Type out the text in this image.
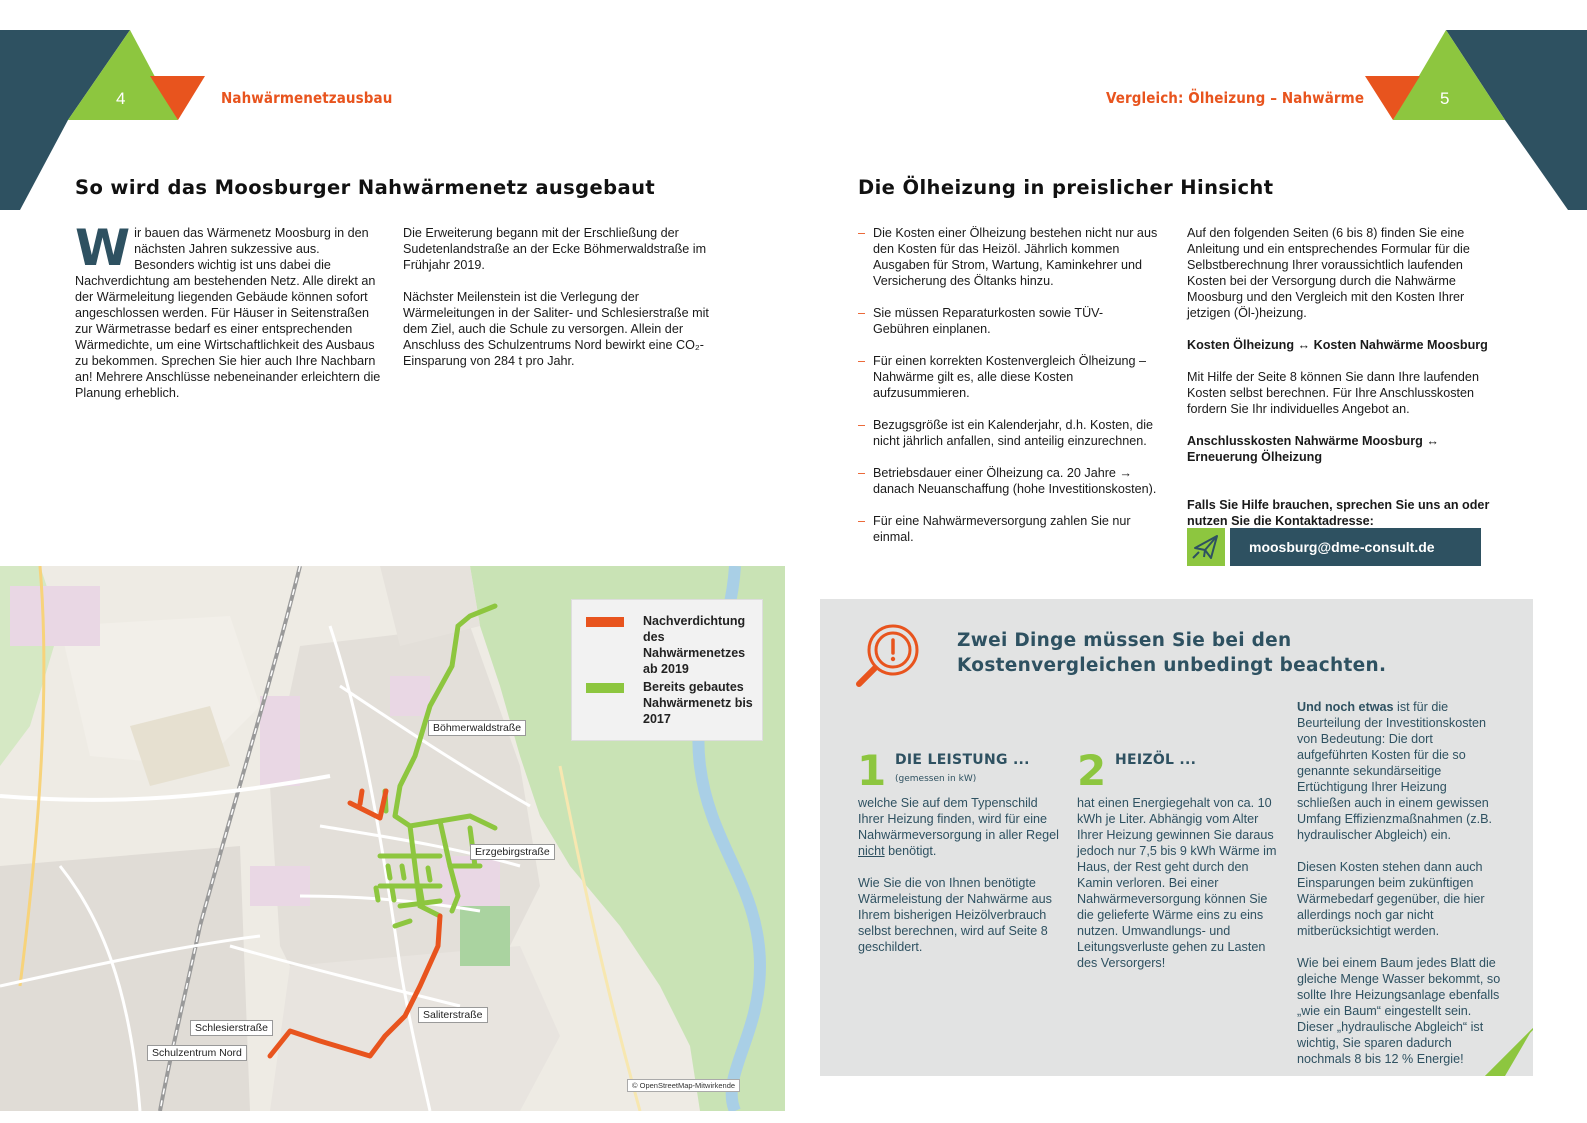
4	Nahwärmenetzausbau	5
Vergleich: Ölheizung – Nahwärme
So wird das Moosburger Nahwärmenetz ausgebaut
Wir bauen das Wärmenetz Moosburg in den nächsten Jahren sukzessive aus. Besonders wichtig ist uns dabei die Nachverdichtung am bestehenden Netz. Alle direkt an der Wärmeleitung liegenden Gebäude können sofort angeschlossen werden. Für Häuser in Seitenstraßen zur Wärmetrasse bedarf es einer entsprechenden Wärmedichte, um eine Wirtschaftlichkeit des Ausbaus zu bekommen. Sprechen Sie hier auch Ihre Nachbarn an! Mehrere Anschlüsse nebeneinander erleichtern die Planung erheblich.

Die Erweiterung begann mit der Erschließung der Sudetenlandstraße an der Ecke Böhmerwaldstraße im Frühjahr 2019.

Nächster Meilenstein ist die Verlegung der Wärmeleitungen in der Saliter- und Schlesierstraße mit dem Ziel, auch die Schule zu versorgen. Allein der Anschluss des Schulzentrums Nord bewirkt eine CO₂-Einsparung von 284 t pro Jahr.

Nachverdichtung des Nahwärmenetzes ab 2019
Bereits gebautes Nahwärmenetz bis 2017
Böhmerwaldstraße
Erzgebirgstraße
Saliterstraße
Schlesierstraße
Schulzentrum Nord
© OpenStreetMap-Mitwirkende
Die Ölheizung in preislicher Hinsicht
– Die Kosten einer Ölheizung bestehen nicht nur aus den Kosten für das Heizöl. Jährlich kommen Ausgaben für Strom, Wartung, Kaminkehrer und Versicherung des Öltanks hinzu.
– Sie müssen Reparaturkosten sowie TÜV-Gebühren einplanen.
– Für einen korrekten Kostenvergleich Ölheizung – Nahwärme gilt es, alle diese Kosten aufzusummieren.
– Bezugsgröße ist ein Kalenderjahr, d.h. Kosten, die nicht jährlich anfallen, sind anteilig einzurechnen.
– Betriebsdauer einer Ölheizung ca. 20 Jahre → danach Neuanschaffung (hohe Investitionskosten).
– Für eine Nahwärmeversorgung zahlen Sie nur einmal.

Auf den folgenden Seiten (6 bis 8) finden Sie eine Anleitung und ein entsprechendes Formular für die Selbstberechnung Ihrer voraussichtlich laufenden Kosten bei der Versorgung durch die Nahwärme Moosburg und den Vergleich mit den Kosten Ihrer jetzigen (Öl-)heizung.

Kosten Ölheizung ↔ Kosten Nahwärme Moosburg

Mit Hilfe der Seite 8 können Sie dann Ihre laufenden Kosten selbst berechnen. Für Ihre Anschlusskosten fordern Sie Ihr individuelles Angebot an.

Anschlusskosten Nahwärme Moosburg ↔ Erneuerung Ölheizung

Falls Sie Hilfe brauchen, sprechen Sie uns an oder nutzen Sie die Kontaktadresse:

moosburg@dme-consult.de
Zwei Dinge müssen Sie bei den Kostenvergleichen unbedingt beachten.
1 DIE LEISTUNG ...
(gemessen in kW)

welche Sie auf dem Typenschild Ihrer Heizung finden, wird für eine Nahwärmeversorgung in aller Regel nicht benötigt.

Wie Sie die von Ihnen benötigte Wärmeleistung der Nahwärme aus Ihrem bisherigen Heizölverbrauch selbst berechnen, wird auf Seite 8 geschildert.

2 HEIZÖL ...

hat einen Energiegehalt von ca. 10 kWh je Liter. Abhängig vom Alter Ihrer Heizung gewinnen Sie daraus jedoch nur 7,5 bis 9 kWh Wärme im Haus, der Rest geht durch den Kamin verloren. Bei einer Nahwärmeversorgung können Sie die gelieferte Wärme eins zu eins nutzen. Umwandlungs- und Leitungsverluste gehen zu Lasten des Versorgers!

Und noch etwas ist für die Beurteilung der Investitionskosten von Bedeutung: Die dort aufgeführten Kosten für die so genannte sekundärseitige Ertüchtigung Ihrer Heizung schließen auch in einem gewissen Umfang Effizienzmaßnahmen (z.B. hydraulischer Abgleich) ein.

Diesen Kosten stehen dann auch Einsparungen beim zukünftigen Wärmebedarf gegenüber, die hier allerdings noch gar nicht mitberücksichtigt werden.

Wie bei einem Baum jedes Blatt die gleiche Menge Wasser bekommt, so sollte Ihre Heizungsanlage ebenfalls „wie ein Baum“ eingestellt sein. Dieser „hydraulische Abgleich“ ist wichtig, Sie sparen dadurch nochmals 8 bis 12 % Energie!
